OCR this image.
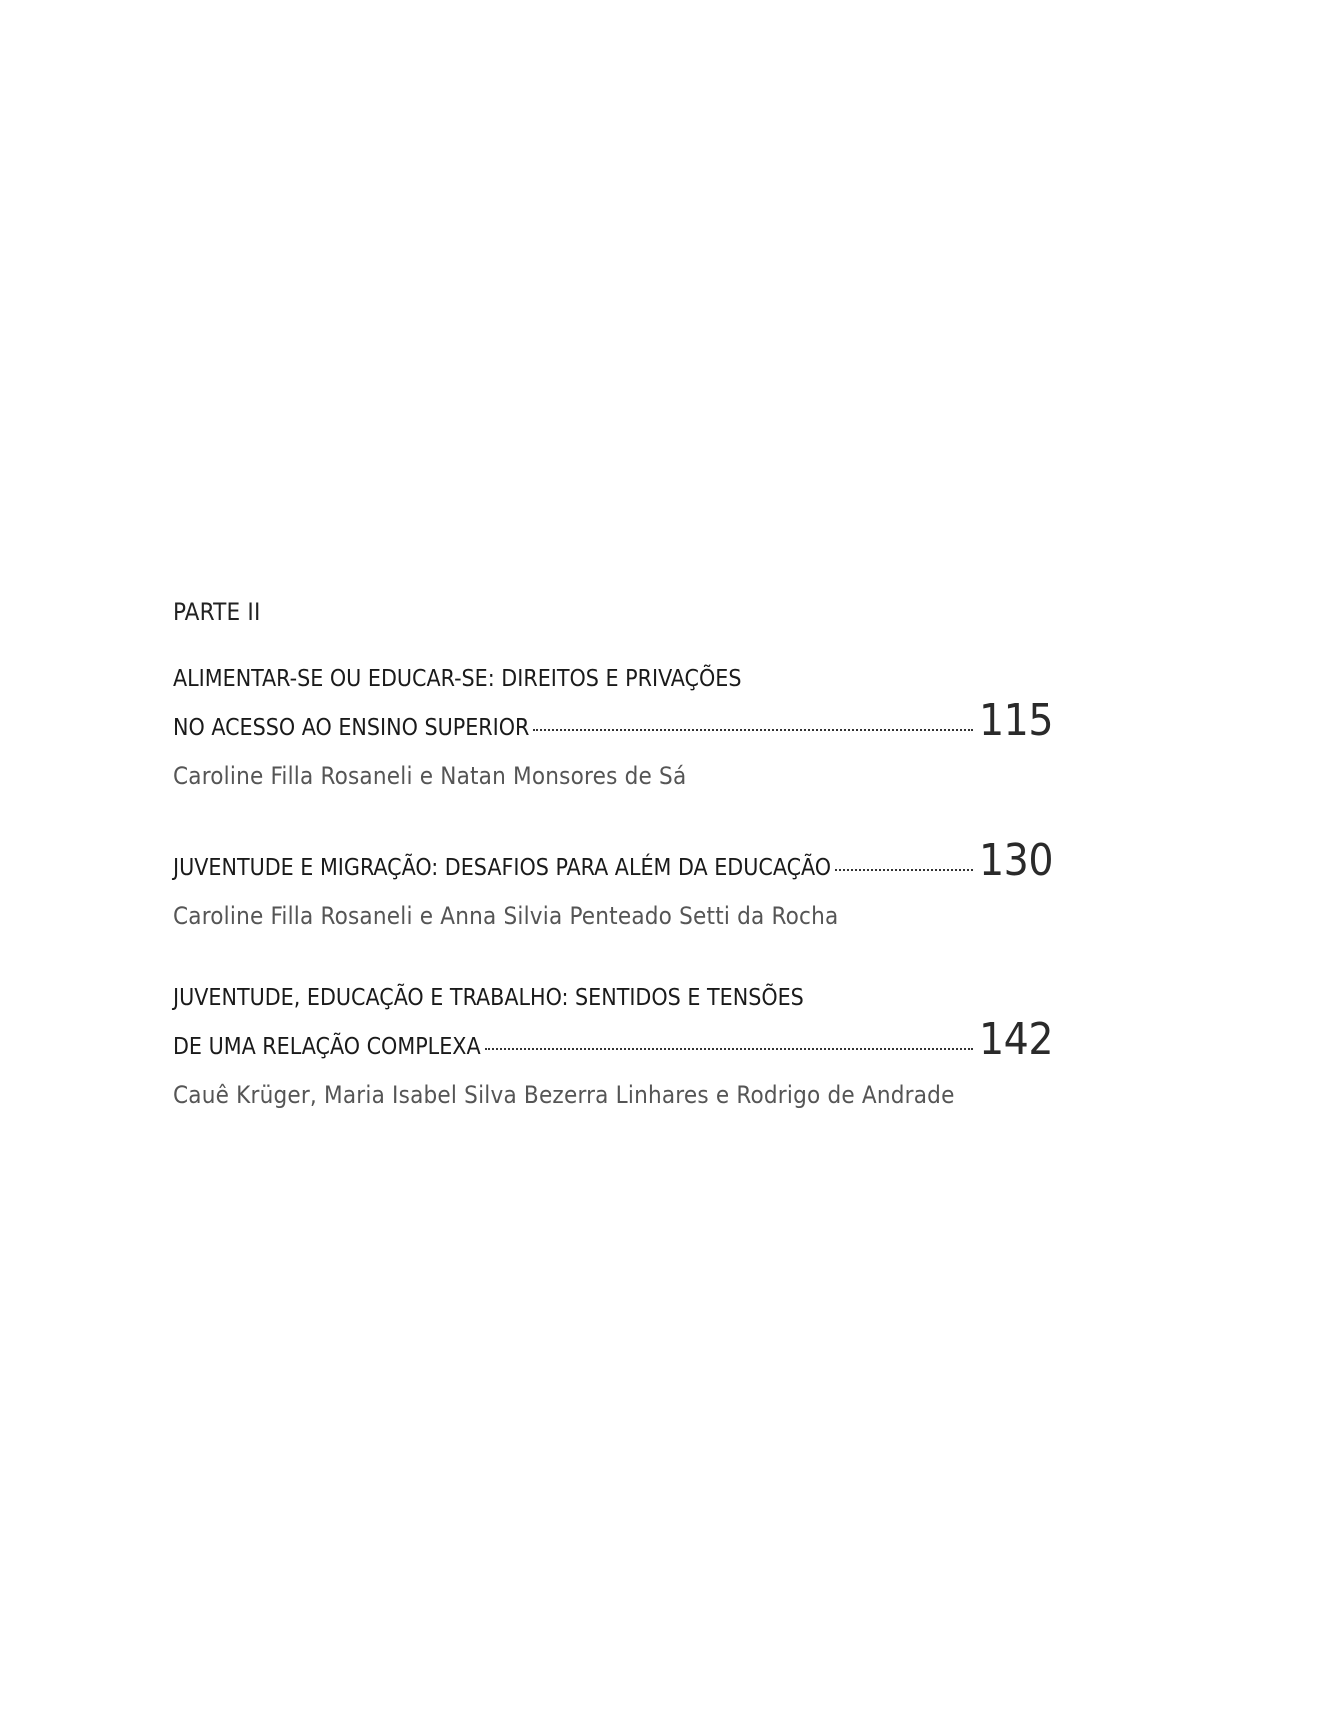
PARTE II
ALIMENTAR-SE OU EDUCAR-SE: DIREITOS E PRIVAÇÕES
NO ACESSO AO ENSINO SUPERIOR	115
Caroline Filla Rosaneli e Natan Monsores de Sá
JUVENTUDE E MIGRAÇÃO: DESAFIOS PARA ALÉM DA EDUCAÇÃO	130
Caroline Filla Rosaneli e Anna Silvia Penteado Setti da Rocha
JUVENTUDE, EDUCAÇÃO E TRABALHO: SENTIDOS E TENSÕES
DE UMA RELAÇÃO COMPLEXA	142
Cauê Krüger, Maria Isabel Silva Bezerra Linhares e Rodrigo de Andrade
